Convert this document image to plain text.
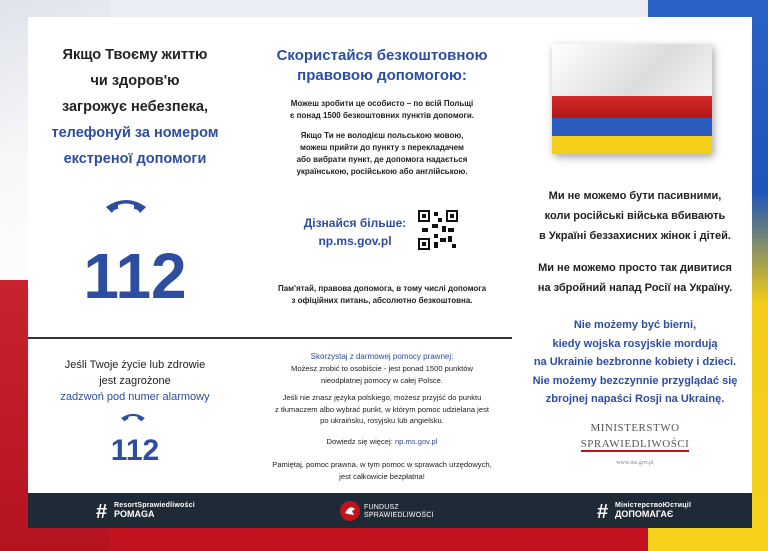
Якщо Твоєму життю
чи здоров'ю
загрожує небезпека,
телефонуй за номером
екстреної допомоги
112
Jeśli Twoje życie lub zdrowie
jest zagrożone
zadzwoń pod numer alarmowy
112
Скористайся безкоштовною
правовою допомогою:
Можеш зробити це особисто – по всій Польщі
є понад 1500 безкоштовних пунктів допомоги.
Якщо Ти не володієш польською мовою,
можеш прийти до пункту з перекладачем
або вибрати пункт, де допомога надається
українською, російською або англійською.
Дізнайся більше:
np.ms.gov.pl
Пам'ятай, правова допомога, в тому числі допомога
з офіційних питань, абсолютно безкоштовна.
Skorzystaj z darmowej pomocy prawnej:
Możesz zrobić to osobiście - jest ponad 1500 punktów
nieodpłatnej pomocy w całej Polsce.
Jeśli nie znasz języka polskiego, możesz przyjść do punktu
z tłumaczem albo wybrać punkt, w którym pomoc udzielana jest
po ukraińsku, rosyjsku lub angielsku.
Dowiedz się więcej: np.ms.gov.pl
Pamiętaj, pomoc prawna, w tym pomoc w sprawach urzędowych,
jest całkowicie bezpłatna!
Ми не можемо бути пасивними,
коли російські війська вбивають
в Україні беззахисних жінок і дітей.
Ми не можемо просто так дивитися
на збройний напад Росії на Україну.
Nie możemy być bierni,
kiedy wojska rosyjskie mordują
na Ukrainie bezbronne kobiety i dzieci.
Nie możemy bezczynnie przyglądać się
zbrojnej napaści Rosji na Ukrainę.
MINISTERSTWO
SPRAWIEDLIWOŚCI
www.ms.gov.pl
# ResortSprawiedliwości
POMAGA
FUNDUSZ
SPRAWIEDLIWOŚCI	# МіністерствоЮстиції
ДОПОМАГАЄ
